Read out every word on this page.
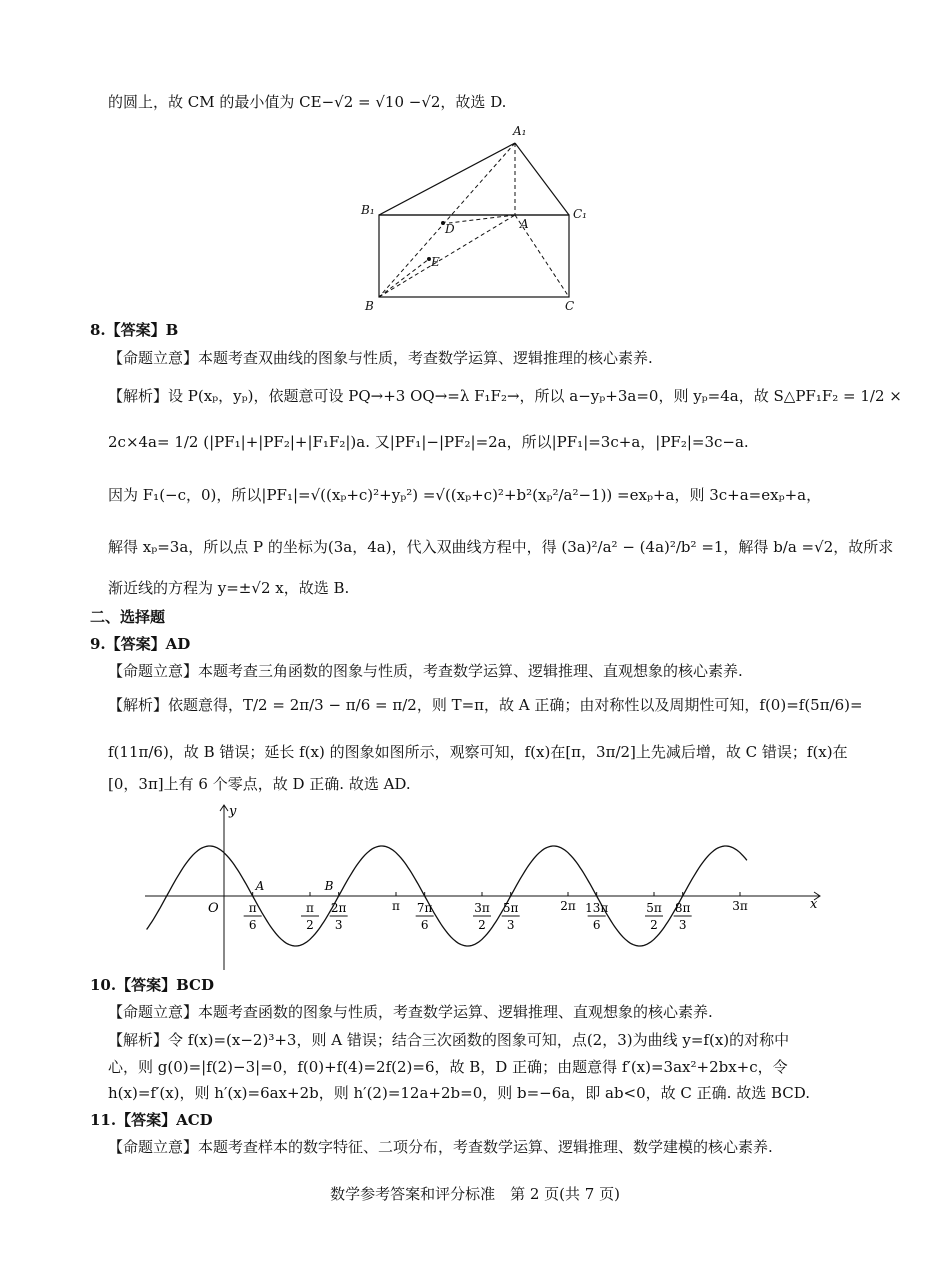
的圆上，故 CM 的最小值为 CE−√2 = √10 −√2，故选 D.
A₁
B₁	C₁
D	A
E
B	C
8.【答案】B
【命题立意】本题考查双曲线的图象与性质，考查数学运算、逻辑推理的核心素养.
【解析】设 P(xₚ，yₚ)，依题意可设 PQ→+3 OQ→=λ F₁F₂→，所以 a−yₚ+3a=0，则 yₚ=4a，故 S△PF₁F₂ = 1/2 ×
2c×4a= 1/2 (|PF₁|+|PF₂|+|F₁F₂|)a. 又|PF₁|−|PF₂|=2a，所以|PF₁|=3c+a，|PF₂|=3c−a.
因为 F₁(−c，0)，所以|PF₁|=√((xₚ+c)²+yₚ²) =√((xₚ+c)²+b²(xₚ²/a²−1)) =exₚ+a，则 3c+a=exₚ+a，
解得 xₚ=3a，所以点 P 的坐标为(3a，4a)，代入双曲线方程中，得 (3a)²/a² − (4a)²/b² =1，解得 b/a =√2，故所求
渐近线的方程为 y=±√2 x，故选 B.
二、选择题
9.【答案】AD
【命题立意】本题考查三角函数的图象与性质，考查数学运算、逻辑推理、直观想象的核心素养.
【解析】依题意得，T/2 = 2π/3 − π/6 = π/2，则 T=π，故 A 正确；由对称性以及周期性可知，f(0)=f(5π/6)=
f(11π/6)，故 B 错误；延长 f(x) 的图象如图所示，观察可知，f(x)在[π，3π/2]上先减后增，故 C 错误；f(x)在
[0，3π]上有 6 个零点，故 D 正确. 故选 AD.
π
6
π
2
2π
3
π 7π
6
3π
2
5π
3
2π 13π
6
5π
2
8π
3
3π	x
y
O
A	B
10.【答案】BCD
【命题立意】本题考查函数的图象与性质，考查数学运算、逻辑推理、直观想象的核心素养.
【解析】令 f(x)=(x−2)³+3，则 A 错误；结合三次函数的图象可知，点(2，3)为曲线 y=f(x)的对称中
心，则 g(0)=|f(2)−3|=0，f(0)+f(4)=2f(2)=6，故 B，D 正确；由题意得 f′(x)=3ax²+2bx+c，令
h(x)=f′(x)，则 h′(x)=6ax+2b，则 h′(2)=12a+2b=0，则 b=−6a，即 ab<0，故 C 正确. 故选 BCD.
11.【答案】ACD
【命题立意】本题考查样本的数字特征、二项分布，考查数学运算、逻辑推理、数学建模的核心素养.
数学参考答案和评分标准　第 2 页(共 7 页)
